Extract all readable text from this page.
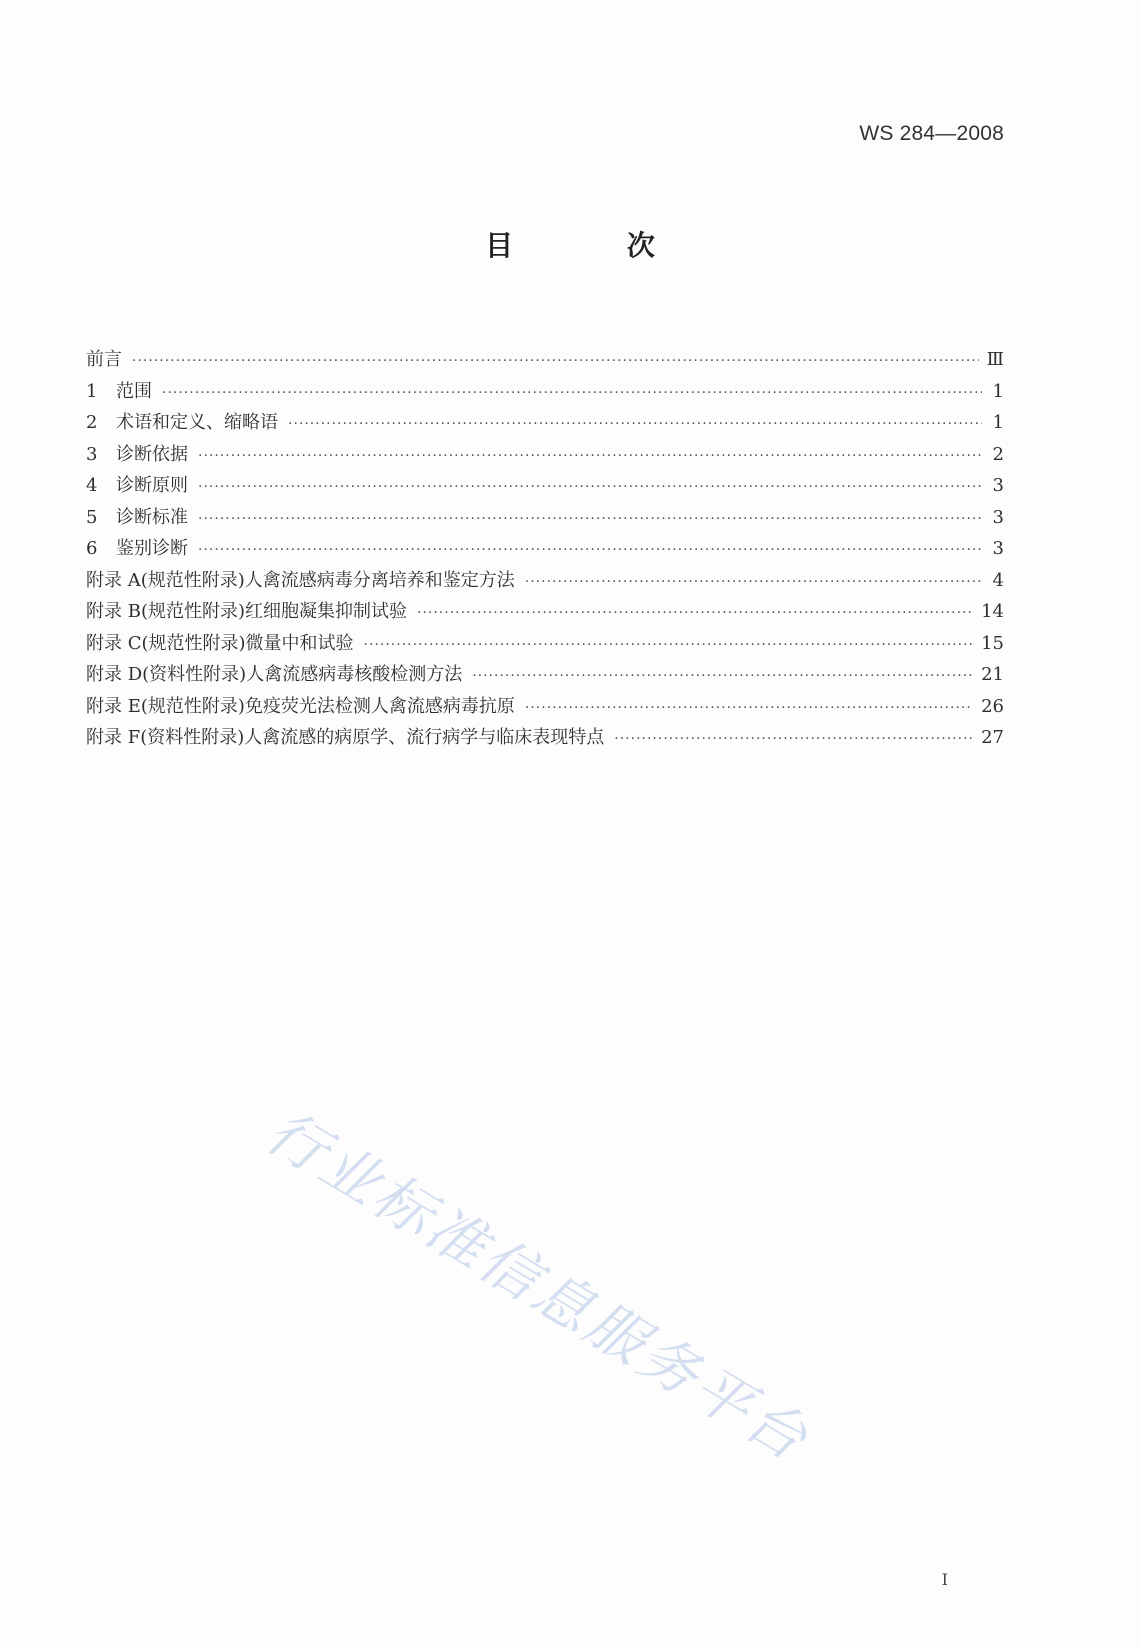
WS 284—2008
目 次
前言 ·····	Ⅲ
1	范围 ·····	1
2	术语和定义、缩略语 ·····	1
3	诊断依据 ·····	2
4	诊断原则 ·····	3
5	诊断标准 ·····	3
6	鉴别诊断 ·····	3
附录 A(规范性附录)人禽流感病毒分离培养和鉴定方法 ·····	4
附录 B(规范性附录)红细胞凝集抑制试验 ·····	14
附录 C(规范性附录)微量中和试验 ·····	15
附录 D(资料性附录)人禽流感病毒核酸检测方法 ·····	21
附录 E(规范性附录)免疫荧光法检测人禽流感病毒抗原 ·····	26
附录 F(资料性附录)人禽流感的病原学、流行病学与临床表现特点 ·····	27
行业标准信息服务平台
I
